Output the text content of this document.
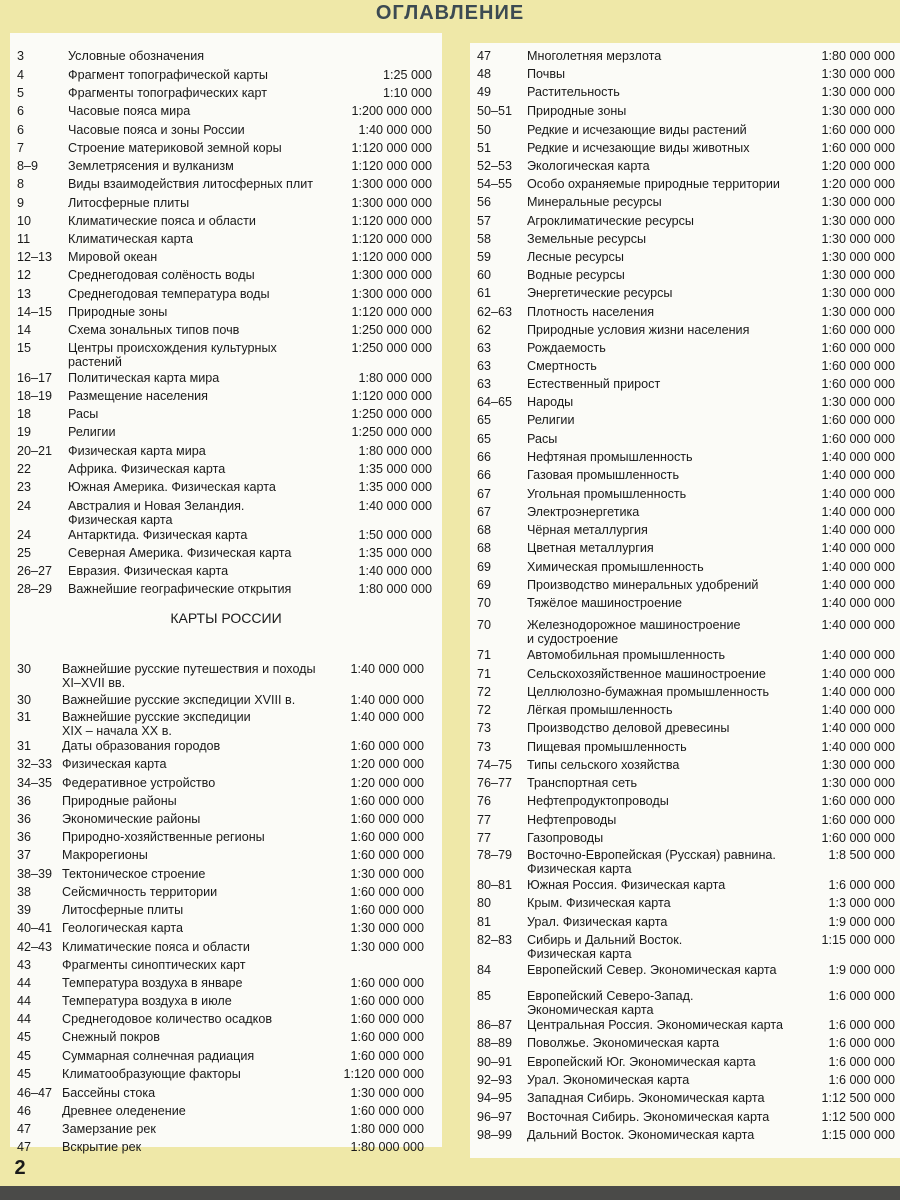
ОГЛАВЛЕНИЕ
3	Условные обозначения
4	Фрагмент топографической карты	1:25 000
5	Фрагменты топографических карт	1:10 000
6	Часовые пояса мира	1:200 000 000
6	Часовые пояса и зоны России	1:40 000 000
7	Строение материковой земной коры	1:120 000 000
8–9 Землетрясения и вулканизм	1:120 000 000
8	Виды взаимодействия литосферных плит	1:300 000 000
9	Литосферные плиты	1:300 000 000
10	Климатические пояса и области	1:120 000 000
11	Климатическая карта	1:120 000 000
12–13 Мировой океан	1:120 000 000
12	Среднегодовая солёность воды	1:300 000 000
13	Среднегодовая температура воды	1:300 000 000
14–15 Природные зоны	1:120 000 000
14	Схема зональных типов почв	1:250 000 000
15	Центры происхождения культурных
растений
1:250 000 000
16–17 Политическая карта мира	1:80 000 000
18–19 Размещение населения	1:120 000 000
18	Расы	1:250 000 000
19	Религии	1:250 000 000
20–21 Физическая карта мира	1:80 000 000
22	Африка. Физическая карта	1:35 000 000
23	Южная Америка. Физическая карта	1:35 000 000
24	Австралия и Новая Зеландия.
Физическая карта
1:40 000 000
24	Антарктида. Физическая карта	1:50 000 000
25	Северная Америка. Физическая карта	1:35 000 000
26–27 Евразия. Физическая карта	1:40 000 000
28–29 Важнейшие географические открытия	1:80 000 000
КАРТЫ РОССИИ
30 Важнейшие русские путешествия и походы
XI–XVII вв.
1:40 000 000
30 Важнейшие русские экспедиции XVIII в.	1:40 000 000
31 Важнейшие русские экспедиции
XIX – начала XX в.
1:40 000 000
31 Даты образования городов	1:60 000 000
32–33 Физическая карта	1:20 000 000
34–35 Федеративное устройство	1:20 000 000
36 Природные районы	1:60 000 000
36 Экономические районы	1:60 000 000
36 Природно-хозяйственные регионы	1:60 000 000
37 Макрорегионы	1:60 000 000
38–39 Тектоническое строение	1:30 000 000
38 Сейсмичность территории	1:60 000 000
39 Литосферные плиты	1:60 000 000
40–41 Геологическая карта	1:30 000 000
42–43 Климатические пояса и области	1:30 000 000
43 Фрагменты синоптических карт
44 Температура воздуха в январе	1:60 000 000
44 Температура воздуха в июле	1:60 000 000
44 Среднегодовое количество осадков	1:60 000 000
45 Снежный покров	1:60 000 000
45 Суммарная солнечная радиация	1:60 000 000
45 Климатообразующие факторы	1:120 000 000
46–47 Бассейны стока	1:30 000 000
46 Древнее оледенение	1:60 000 000
47 Замерзание рек	1:80 000 000
47 Вскрытие рек	1:80 000 000
47	Многолетняя мерзлота	1:80 000 000
48	Почвы	1:30 000 000
49	Растительность	1:30 000 000
50–51 Природные зоны	1:30 000 000
50	Редкие и исчезающие виды растений	1:60 000 000
51	Редкие и исчезающие виды животных	1:60 000 000
52–53 Экологическая карта	1:20 000 000
54–55 Особо охраняемые природные территории	1:20 000 000
56	Минеральные ресурсы	1:30 000 000
57	Агроклиматические ресурсы	1:30 000 000
58	Земельные ресурсы	1:30 000 000
59	Лесные ресурсы	1:30 000 000
60	Водные ресурсы	1:30 000 000
61	Энергетические ресурсы	1:30 000 000
62–63 Плотность населения	1:30 000 000
62	Природные условия жизни населения	1:60 000 000
63	Рождаемость	1:60 000 000
63	Смертность	1:60 000 000
63	Естественный прирост	1:60 000 000
64–65 Народы	1:30 000 000
65	Религии	1:60 000 000
65	Расы	1:60 000 000
66	Нефтяная промышленность	1:40 000 000
66	Газовая промышленность	1:40 000 000
67	Угольная промышленность	1:40 000 000
67	Электроэнергетика	1:40 000 000
68	Чёрная металлургия	1:40 000 000
68	Цветная металлургия	1:40 000 000
69	Химическая промышленность	1:40 000 000
69	Производство минеральных удобрений	1:40 000 000
70	Тяжёлое машиностроение	1:40 000 000
70	Железнодорожное машиностроение
и судостроение
1:40 000 000
71	Автомобильная промышленность	1:40 000 000
71	Сельскохозяйственное машиностроение	1:40 000 000
72	Целлюлозно-бумажная промышленность	1:40 000 000
72	Лёгкая промышленность	1:40 000 000
73	Производство деловой древесины	1:40 000 000
73	Пищевая промышленность	1:40 000 000
74–75 Типы сельского хозяйства	1:30 000 000
76–77 Транспортная сеть	1:30 000 000
76	Нефтепродуктопроводы	1:60 000 000
77	Нефтепроводы	1:60 000 000
77	Газопроводы	1:60 000 000
78–79 Восточно-Европейская (Русская) равнина.
Физическая карта
1:8 500 000
80–81 Южная Россия. Физическая карта	1:6 000 000
80	Крым. Физическая карта	1:3 000 000
81	Урал. Физическая карта	1:9 000 000
82–83 Сибирь и Дальний Восток.
Физическая карта
1:15 000 000
84	Европейский Север. Экономическая карта	1:9 000 000
85	Европейский Северо-Запад.
Экономическая карта
1:6 000 000
86–87 Центральная Россия. Экономическая карта	1:6 000 000
88–89 Поволжье. Экономическая карта	1:6 000 000
90–91 Европейский Юг. Экономическая карта	1:6 000 000
92–93 Урал. Экономическая карта	1:6 000 000
94–95 Западная Сибирь. Экономическая карта	1:12 500 000
96–97 Восточная Сибирь. Экономическая карта	1:12 500 000
98–99 Дальний Восток. Экономическая карта	1:15 000 000
2
